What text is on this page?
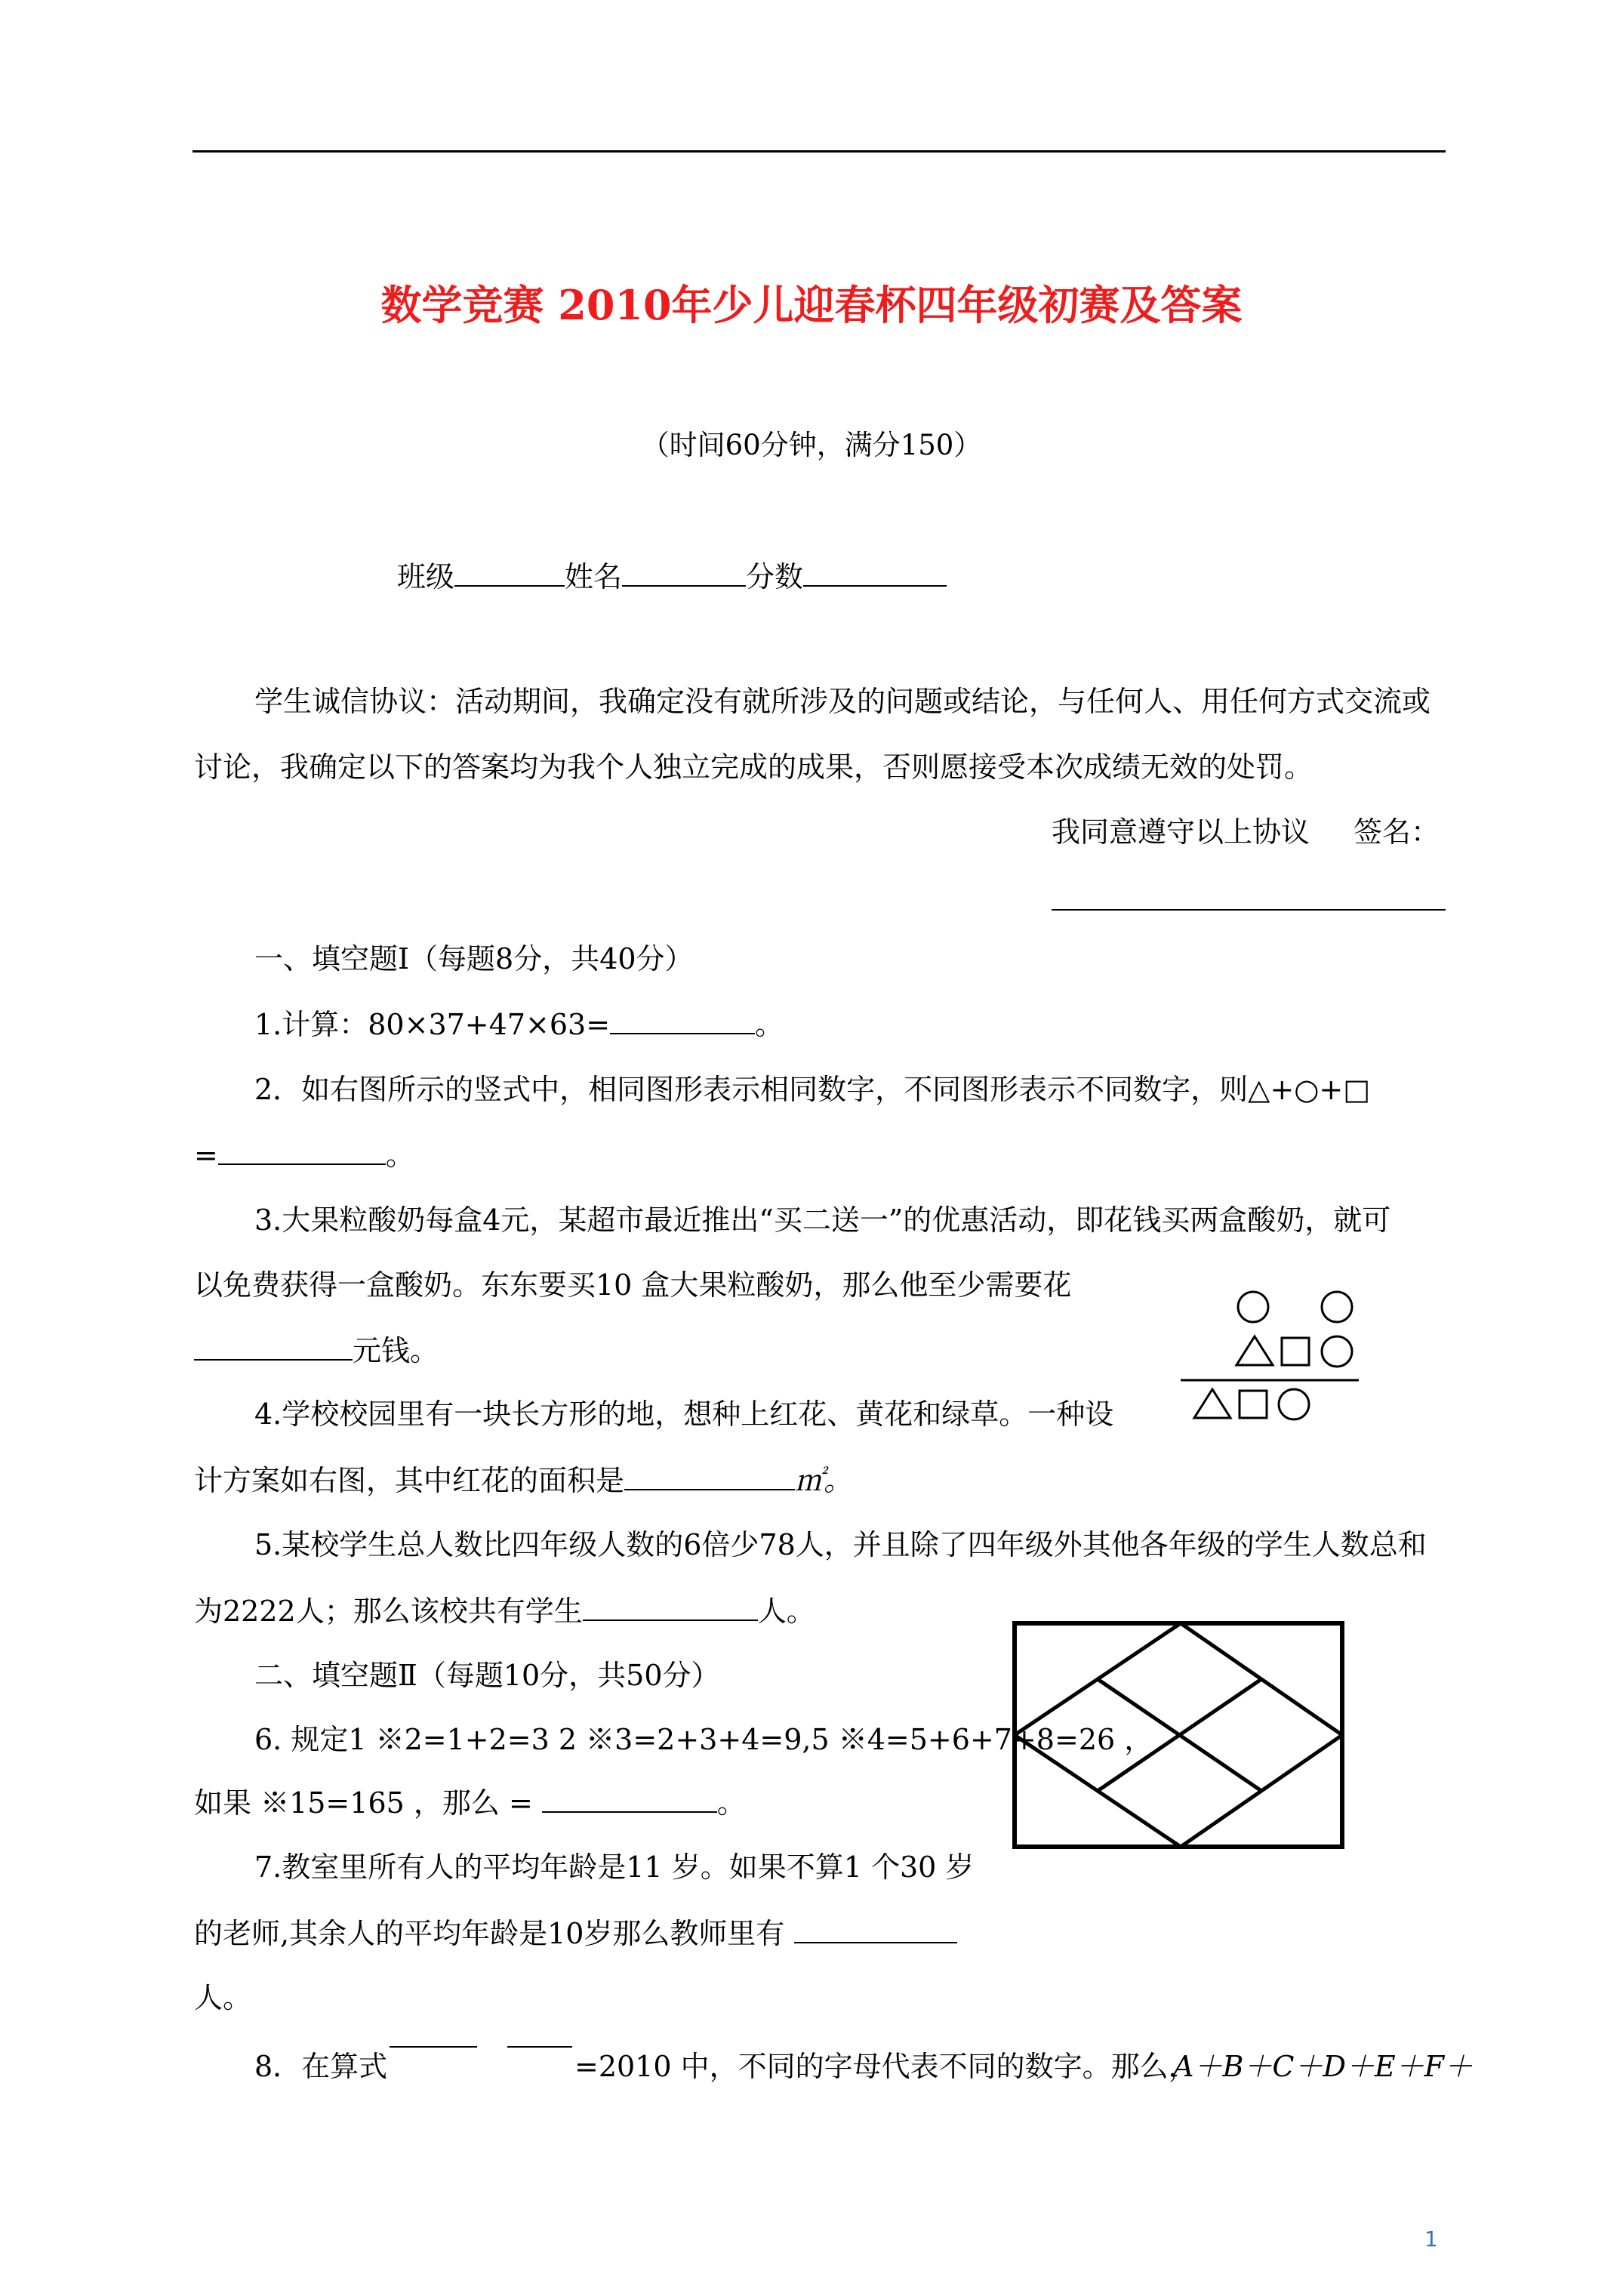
数学竞赛 2010年少儿迎春杯四年级初赛及答案
（时间60分钟，满分150）
班级	姓名	分数
学生诚信协议：活动期间，我确定没有就所涉及的问题或结论，与任何人、用任何方式交流或
讨论，我确定以下的答案均为我个人独立完成的成果，否则愿接受本次成绩无效的处罚。
我同意遵守以上协议 签名：
一、填空题Ⅰ（每题8分，共40分）
1.计算：80×37+47×63=	。
2．如右图所示的竖式中，相同图形表示相同数字，不同图形表示不同数字，则△+○+□
=	。
3.大果粒酸奶每盒4元，某超市最近推出“买二送一”的优惠活动，即花钱买两盒酸奶，就可
以免费获得一盒酸奶。东东要买10 盒大果粒酸奶，那么他至少需要花
元钱。
4.学校校园里有一块长方形的地，想种上红花、黄花和绿草。一种设
计方案如右图，其中红花的面积是	㎡。
5.某校学生总人数比四年级人数的6倍少78人，并且除了四年级外其他各年级的学生人数总和
为2222人；那么该校共有学生	人。
二、填空题Ⅱ（每题10分，共50分）
6. 规定1 ※2=1+2=3 2 ※3=2+3+4=9,5 ※4=5+6+7+8=26 ，
如果 ※15=165 ，那么 =	。
7.教室里所有人的平均年龄是11 岁。如果不算1 个30 岁
的老师,其余人的平均年龄是10岁那么教师里有
人。
8．在算式	=2010 中，不同的字母代表不同的数字。那么，
A＋B＋C＋D＋E＋F＋
1
